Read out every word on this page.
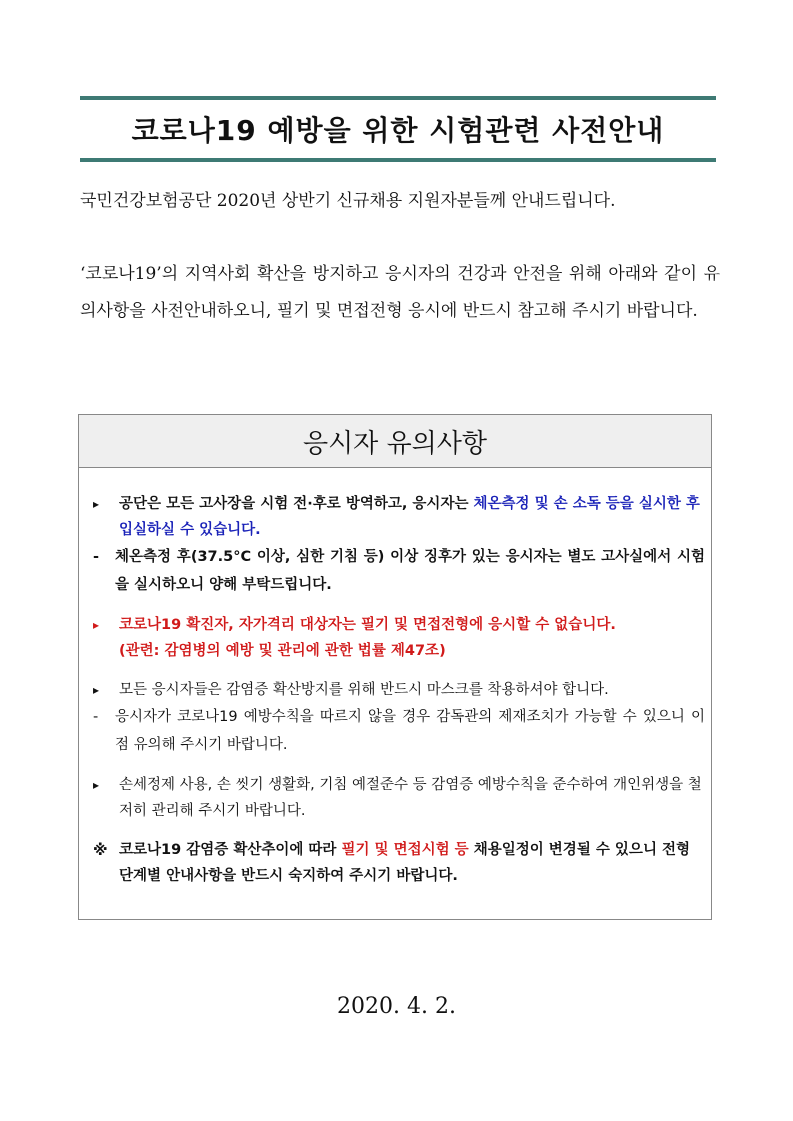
코로나19 예방을 위한 시험관련 사전안내
국민건강보험공단 2020년 상반기 신규채용 지원자분들께 안내드립니다.
‘코로나19’의 지역사회 확산을 방지하고 응시자의 건강과 안전을 위해 아래와 같이 유의사항을 사전안내하오니, 필기 및 면접전형 응시에 반드시 참고해 주시기 바랍니다.
응시자 유의사항
▸ 공단은 모든 고사장을 시험 전·후로 방역하고, 응시자는 체온측정 및 손 소독 등을 실시한 후 입실하실 수 있습니다.
- 체온측정 후(37.5°C 이상, 심한 기침 등) 이상 징후가 있는 응시자는 별도 고사실에서 시험을 실시하오니 양해 부탁드립니다.
▸ 코로나19 확진자, 자가격리 대상자는 필기 및 면접전형에 응시할 수 없습니다.
(관련: 감염병의 예방 및 관리에 관한 법률 제47조)
▸ 모든 응시자들은 감염증 확산방지를 위해 반드시 마스크를 착용하셔야 합니다.
- 응시자가 코로나19 예방수칙을 따르지 않을 경우 감독관의 제재조치가 가능할 수 있으니 이 점 유의해 주시기 바랍니다.
▸ 손세정제 사용, 손 씻기 생활화, 기침 예절준수 등 감염증 예방수칙을 준수하여 개인위생을 철저히 관리해 주시기 바랍니다.
※ 코로나19 감염증 확산추이에 따라 필기 및 면접시험 등 채용일정이 변경될 수 있으니 전형 단계별 안내사항을 반드시 숙지하여 주시기 바랍니다.
2020. 4. 2.
